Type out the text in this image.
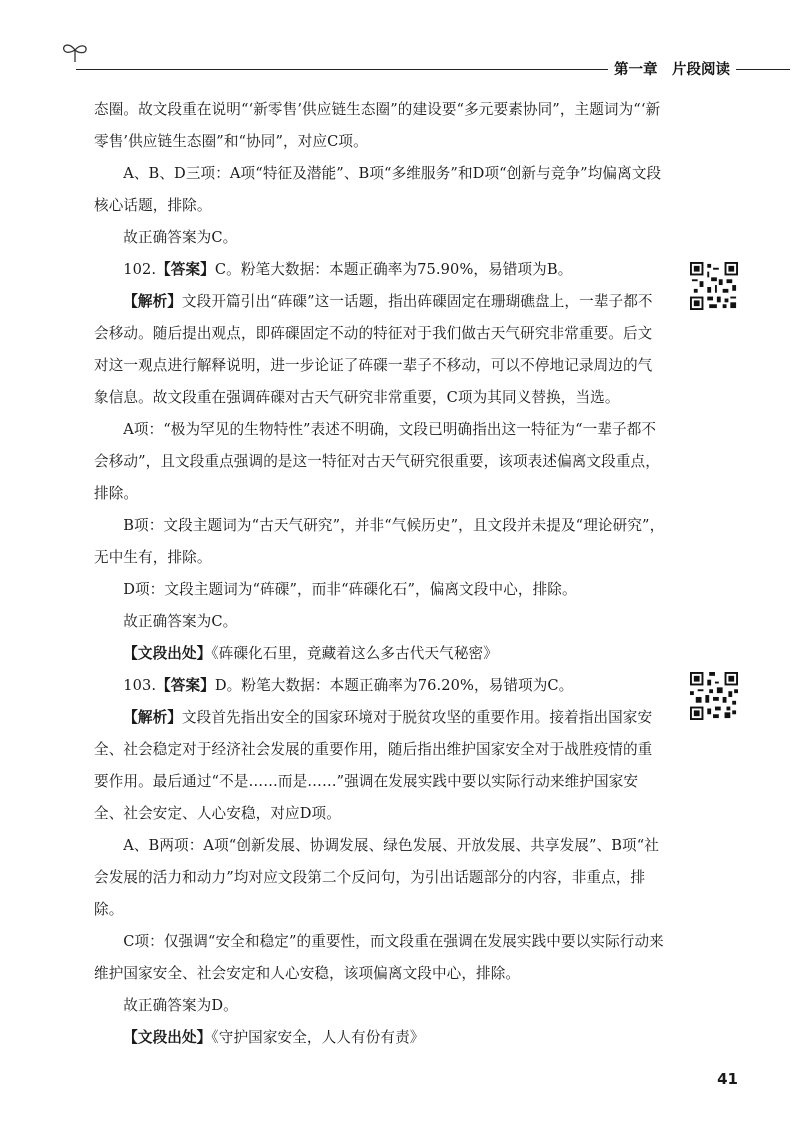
第一章　片段阅读

态圈。故文段重在说明“‘新零售’供应链生态圈”的建设要“多元要素协同”，主题词为“‘新零售’供应链生态圈”和“协同”，对应C项。

A、B、D三项：A项“特征及潜能”、B项“多维服务”和D项“创新与竞争”均偏离文段核心话题，排除。

故正确答案为C。

102.【答案】C。粉笔大数据：本题正确率为75.90%，易错项为B。

【解析】文段开篇引出“砗磲”这一话题，指出砗磲固定在珊瑚礁盘上，一辈子都不会移动。随后提出观点，即砗磲固定不动的特征对于我们做古天气研究非常重要。后文对这一观点进行解释说明，进一步论证了砗磲一辈子不移动，可以不停地记录周边的气象信息。故文段重在强调砗磲对古天气研究非常重要，C项为其同义替换，当选。

A项：“极为罕见的生物特性”表述不明确，文段已明确指出这一特征为“一辈子都不会移动”，且文段重点强调的是这一特征对古天气研究很重要，该项表述偏离文段重点，排除。

B项：文段主题词为“古天气研究”，并非“气候历史”，且文段并未提及“理论研究”，无中生有，排除。

D项：文段主题词为“砗磲”，而非“砗磲化石”，偏离文段中心，排除。

故正确答案为C。

【文段出处】《砗磲化石里，竟藏着这么多古代天气秘密》

103.【答案】D。粉笔大数据：本题正确率为76.20%，易错项为C。

【解析】文段首先指出安全的国家环境对于脱贫攻坚的重要作用。接着指出国家安全、社会稳定对于经济社会发展的重要作用，随后指出维护国家安全对于战胜疫情的重要作用。最后通过“不是……而是……”强调在发展实践中要以实际行动来维护国家安全、社会安定、人心安稳，对应D项。

A、B两项：A项“创新发展、协调发展、绿色发展、开放发展、共享发展”、B项“社会发展的活力和动力”均对应文段第二个反问句，为引出话题部分的内容，非重点，排除。

C项：仅强调“安全和稳定”的重要性，而文段重在强调在发展实践中要以实际行动来维护国家安全、社会安定和人心安稳，该项偏离文段中心，排除。

故正确答案为D。

【文段出处】《守护国家安全，人人有份有责》

41
